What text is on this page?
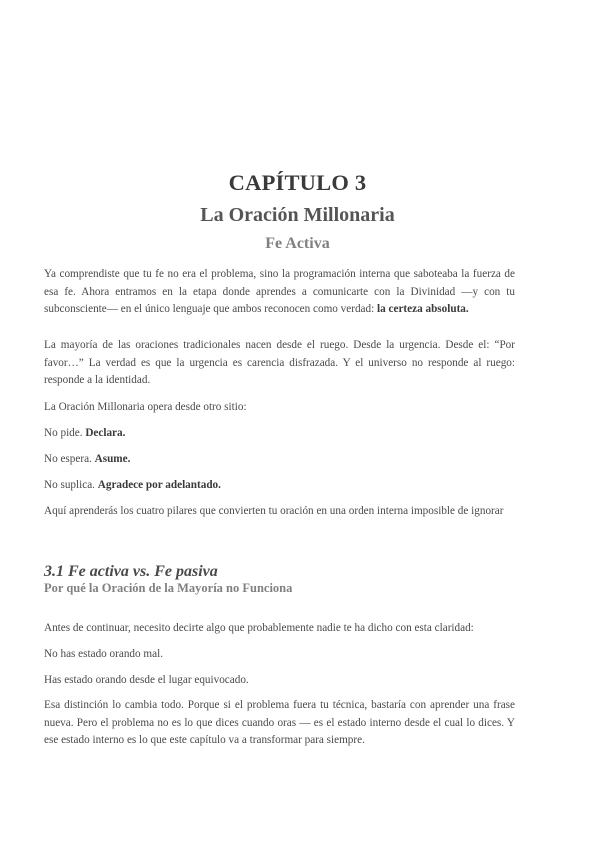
CAPÍTULO 3
La Oración Millonaria
Fe Activa

Ya comprendiste que tu fe no era el problema, sino la programación interna que saboteaba la fuerza de esa fe. Ahora entramos en la etapa donde aprendes a comunicarte con la Divinidad —y con tu subconsciente— en el único lenguaje que ambos reconocen como verdad: la certeza absoluta.

La mayoría de las oraciones tradicionales nacen desde el ruego. Desde la urgencia. Desde el: “Por favor…” La verdad es que la urgencia es carencia disfrazada. Y el universo no responde al ruego: responde a la identidad.

La Oración Millonaria opera desde otro sitio:

No pide. Declara.

No espera. Asume.

No suplica. Agradece por adelantado.

Aquí aprenderás los cuatro pilares que convierten tu oración en una orden interna imposible de ignorar

3.1 Fe activa vs. Fe pasiva
Por qué la Oración de la Mayoría no Funciona

Antes de continuar, necesito decirte algo que probablemente nadie te ha dicho con esta claridad:

No has estado orando mal.

Has estado orando desde el lugar equivocado.

Esa distinción lo cambia todo. Porque si el problema fuera tu técnica, bastaría con aprender una frase nueva. Pero el problema no es lo que dices cuando oras — es el estado interno desde el cual lo dices. Y ese estado interno es lo que este capítulo va a transformar para siempre.
